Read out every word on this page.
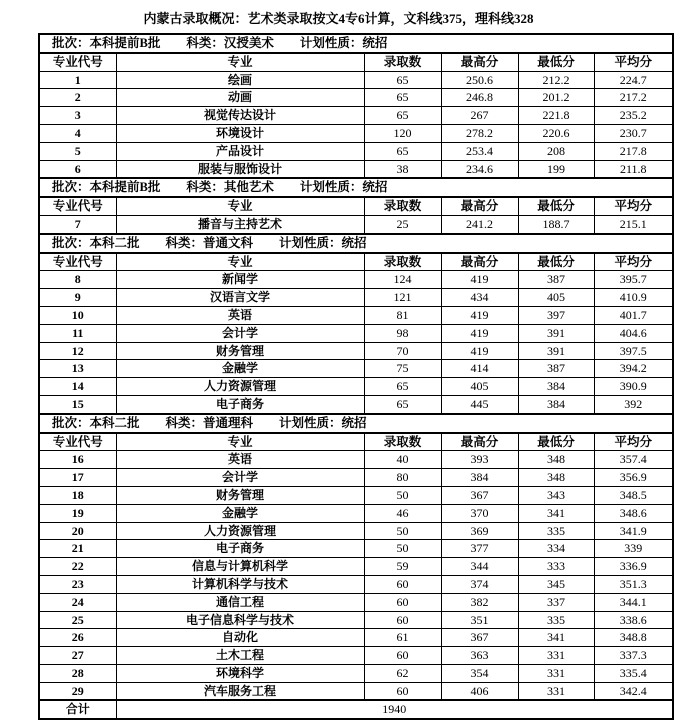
内蒙古录取概况：艺术类录取按文4专6计算，文科线375，理科线328
批次：本科提前B批 科类：汉授美术 计划性质：统招					
专业代号	专业	录取数	最高分	最低分	平均分
1	绘画	65	250.6	212.2	224.7
2	动画	65	246.8	201.2	217.2
3	视觉传达设计	65	267	221.8	235.2
4	环境设计	120	278.2	220.6	230.7
5	产品设计	65	253.4	208	217.8
6	服装与服饰设计	38	234.6	199	211.8
批次：本科提前B批 科类：其他艺术 计划性质：统招					
专业代号	专业	录取数	最高分	最低分	平均分
7	播音与主持艺术	25	241.2	188.7	215.1
批次：本科二批 科类：普通文科 计划性质：统招					
专业代号	专业	录取数	最高分	最低分	平均分
8	新闻学	124	419	387	395.7
9	汉语言文学	121	434	405	410.9
10	英语	81	419	397	401.7
11	会计学	98	419	391	404.6
12	财务管理	70	419	391	397.5
13	金融学	75	414	387	394.2
14	人力资源管理	65	405	384	390.9
15	电子商务	65	445	384	392
批次：本科二批 科类：普通理科 计划性质：统招					
专业代号	专业	录取数	最高分	最低分	平均分
16	英语	40	393	348	357.4
17	会计学	80	384	348	356.9
18	财务管理	50	367	343	348.5
19	金融学	46	370	341	348.6
20	人力资源管理	50	369	335	341.9
21	电子商务	50	377	334	339
22	信息与计算机科学	59	344	333	336.9
23	计算机科学与技术	60	374	345	351.3
24	通信工程	60	382	337	344.1
25	电子信息科学与技术	60	351	335	338.6
26	自动化	61	367	341	348.8
27	土木工程	60	363	331	337.3
28	环境科学	62	354	331	335.4
29	汽车服务工程	60	406	331	342.4
合计	1940				
